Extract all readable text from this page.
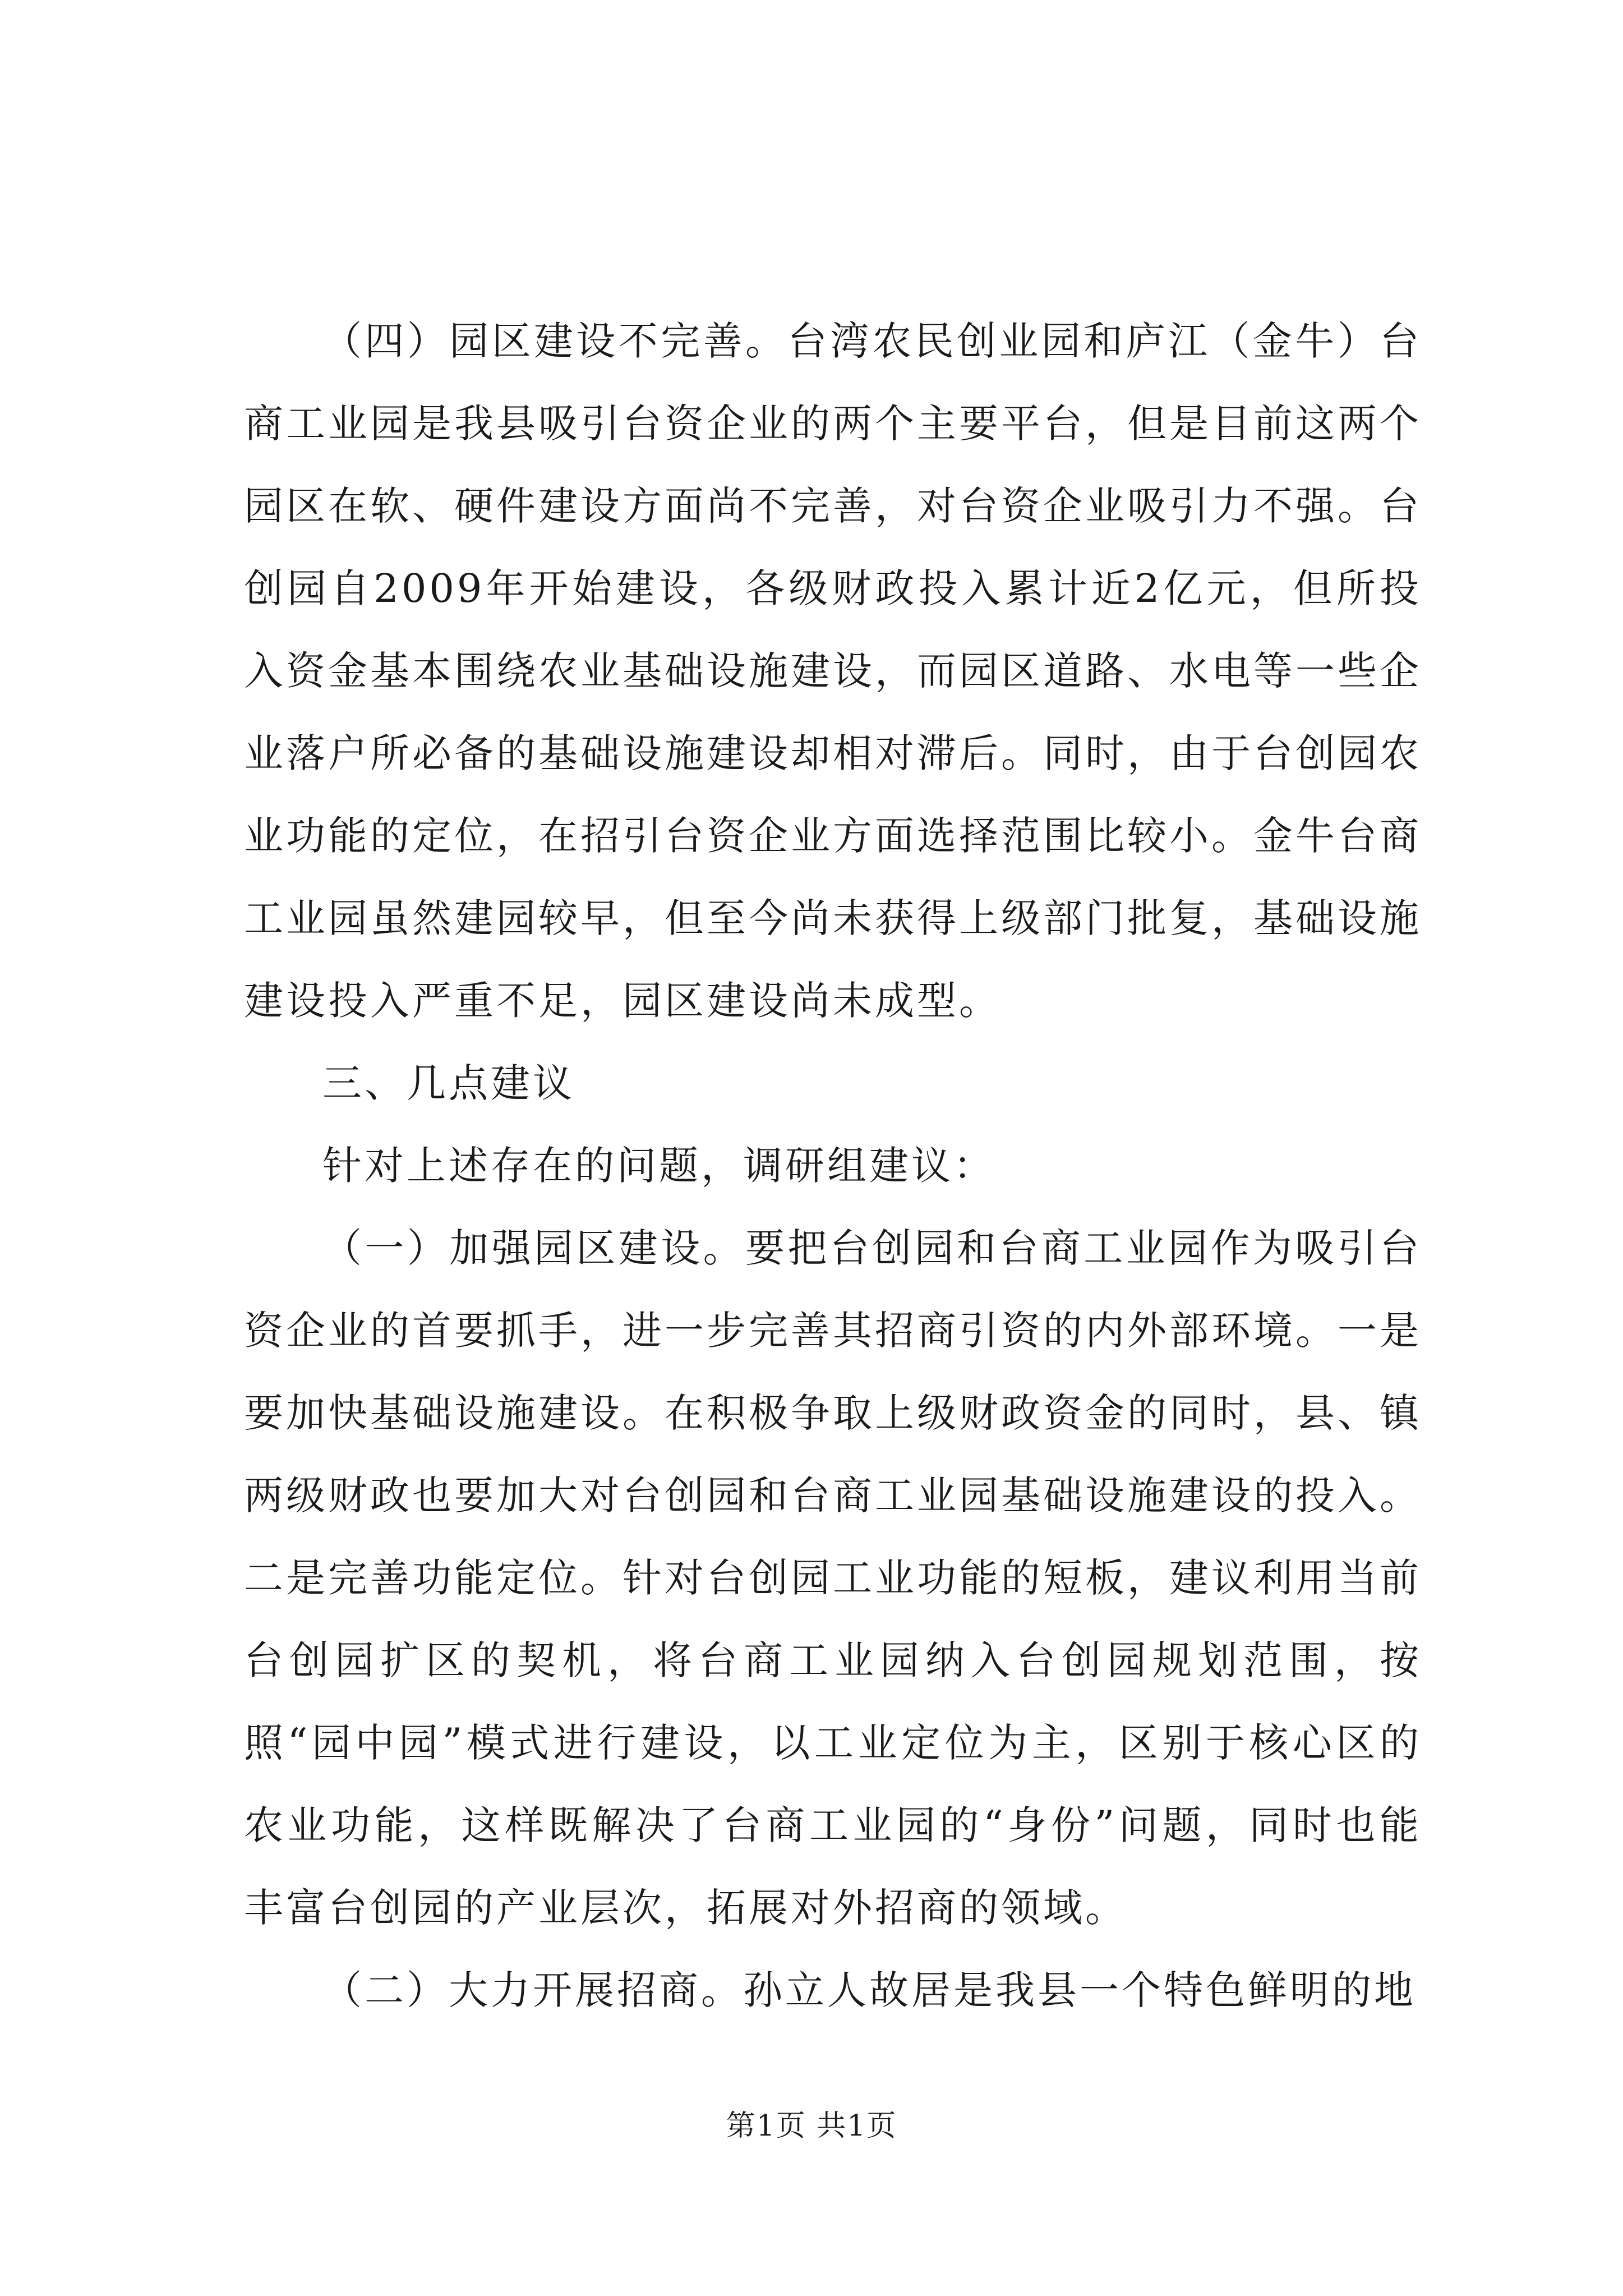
（四）园区建设不完善。台湾农民创业园和庐江（金牛）台商工业园是我县吸引台资企业的两个主要平台，但是目前这两个园区在软、硬件建设方面尚不完善，对台资企业吸引力不强。台创园自2009年开始建设，各级财政投入累计近2亿元，但所投入资金基本围绕农业基础设施建设，而园区道路、水电等一些企业落户所必备的基础设施建设却相对滞后。同时，由于台创园农业功能的定位，在招引台资企业方面选择范围比较小。金牛台商工业园虽然建园较早，但至今尚未获得上级部门批复，基础设施建设投入严重不足，园区建设尚未成型。

三、几点建议

针对上述存在的问题，调研组建议：

（一）加强园区建设。要把台创园和台商工业园作为吸引台资企业的首要抓手，进一步完善其招商引资的内外部环境。一是要加快基础设施建设。在积极争取上级财政资金的同时，县、镇两级财政也要加大对台创园和台商工业园基础设施建设的投入。二是完善功能定位。针对台创园工业功能的短板，建议利用当前台创园扩区的契机，将台商工业园纳入台创园规划范围，按照“园中园”模式进行建设，以工业定位为主，区别于核心区的农业功能，这样既解决了台商工业园的“身份”问题，同时也能丰富台创园的产业层次，拓展对外招商的领域。

（二）大力开展招商。孙立人故居是我县一个特色鲜明的地

第1页 共1页
